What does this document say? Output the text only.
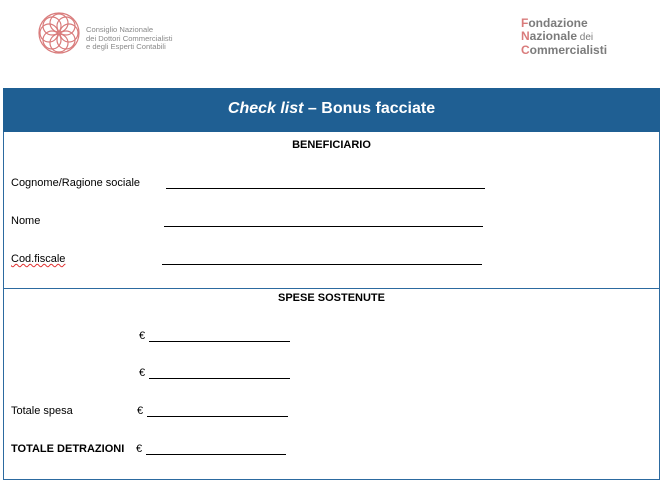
Consiglio Nazionale
dei Dottori Commercialisti
e degli Esperti Contabili
Fondazione
Nazionale dei
Commercialisti
Check list – Bonus facciate
BENEFICIARIO
Cognome/Ragione sociale
Nome
Cod.fiscale
SPESE SOSTENUTE
€
€
Totale spesa	€
TOTALE DETRAZIONI €
